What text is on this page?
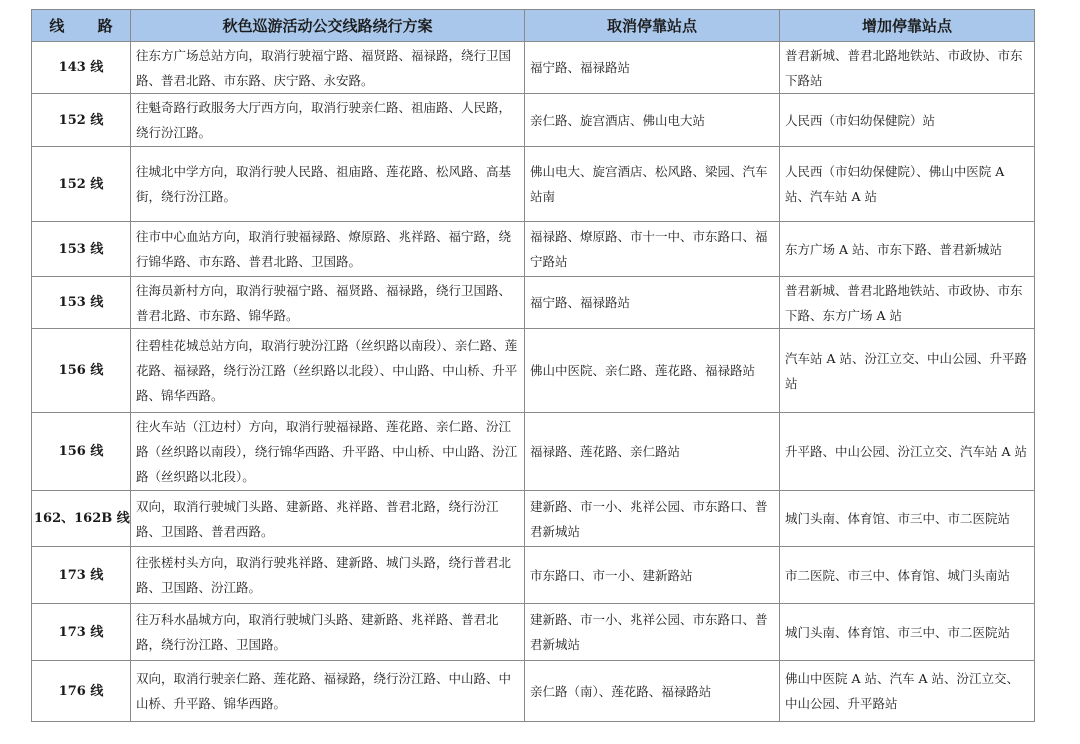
线 路	秋色巡游活动公交线路绕行方案	取消停靠站点	增加停靠站点
143 线	往东方广场总站方向，取消行驶福宁路、福贤路、福禄路，绕行卫国路、普君北路、市东路、庆宁路、永安路。	福宁路、福禄路站	普君新城、普君北路地铁站、市政协、市东下路站
152 线	往魁奇路行政服务大厅西方向，取消行驶亲仁路、祖庙路、人民路，绕行汾江路。	亲仁路、旋宫酒店、佛山电大站	人民西（市妇幼保健院）站
152 线	往城北中学方向，取消行驶人民路、祖庙路、莲花路、松风路、高基街，绕行汾江路。	佛山电大、旋宫酒店、松风路、梁园、汽车站南	人民西（市妇幼保健院）、佛山中医院 A 站、汽车站 A 站
153 线	往市中心血站方向，取消行驶福禄路、燎原路、兆祥路、福宁路，绕行锦华路、市东路、普君北路、卫国路。	福禄路、燎原路、市十一中、市东路口、福宁路站	东方广场 A 站、市东下路、普君新城站
153 线	往海员新村方向，取消行驶福宁路、福贤路、福禄路，绕行卫国路、普君北路、市东路、锦华路。	福宁路、福禄路站	普君新城、普君北路地铁站、市政协、市东下路、东方广场 A 站
156 线	往碧桂花城总站方向，取消行驶汾江路（丝织路以南段）、亲仁路、莲花路、福禄路，绕行汾江路（丝织路以北段）、中山路、中山桥、升平路、锦华西路。	佛山中医院、亲仁路、莲花路、福禄路站	汽车站 A 站、汾江立交、中山公园、升平路站
156 线	往火车站（江边村）方向，取消行驶福禄路、莲花路、亲仁路、汾江路（丝织路以南段），绕行锦华西路、升平路、中山桥、中山路、汾江路（丝织路以北段）。	福禄路、莲花路、亲仁路站	升平路、中山公园、汾江立交、汽车站 A 站
162、162B 线	双向，取消行驶城门头路、建新路、兆祥路、普君北路，绕行汾江路、卫国路、普君西路。	建新路、市一小、兆祥公园、市东路口、普君新城站	城门头南、体育馆、市三中、市二医院站
173 线	往张槎村头方向，取消行驶兆祥路、建新路、城门头路，绕行普君北路、卫国路、汾江路。	市东路口、市一小、建新路站	市二医院、市三中、体育馆、城门头南站
173 线	往万科水晶城方向，取消行驶城门头路、建新路、兆祥路、普君北路，绕行汾江路、卫国路。	建新路、市一小、兆祥公园、市东路口、普君新城站	城门头南、体育馆、市三中、市二医院站
176 线	双向，取消行驶亲仁路、莲花路、福禄路，绕行汾江路、中山路、中山桥、升平路、锦华西路。	亲仁路（南）、莲花路、福禄路站	佛山中医院 A 站、汽车 A 站、汾江立交、中山公园、升平路站
